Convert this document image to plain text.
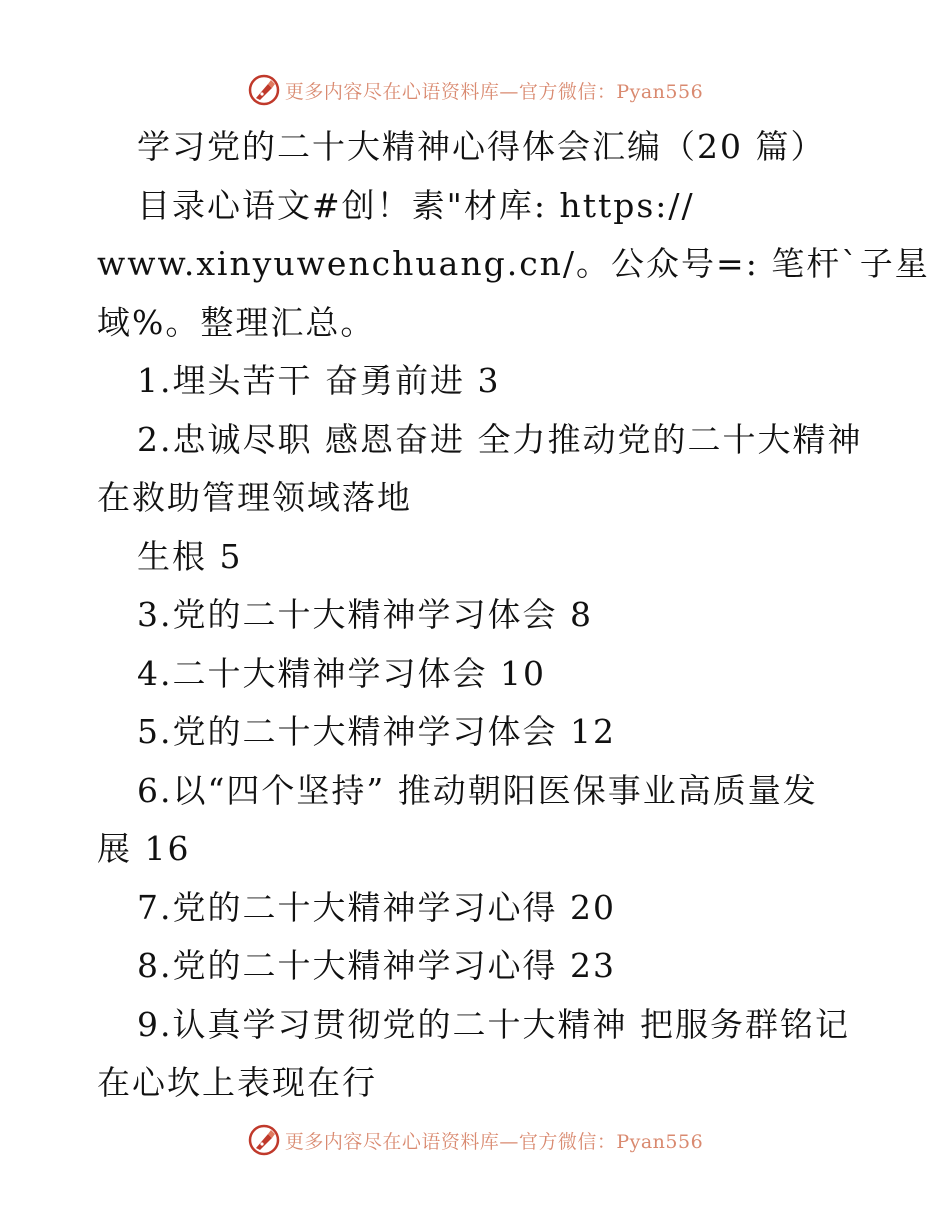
更多内容尽在心语资料库—官方微信：Pyan556
学习党的二十大精神心得体会汇编（20 篇）
目录心语文#创！素"材库: https://
www.xinyuwenchuang.cn/。公众号=: 笔杆`子星
域%。整理汇总。
1.埋头苦干 奋勇前进 3
2.忠诚尽职 感恩奋进 全力推动党的二十大精神
在救助管理领域落地
生根 5
3.党的二十大精神学习体会 8
4.二十大精神学习体会 10
5.党的二十大精神学习体会 12
6.以“四个坚持” 推动朝阳医保事业高质量发
展 16
7.党的二十大精神学习心得 20
8.党的二十大精神学习心得 23
9.认真学习贯彻党的二十大精神 把服务群铭记
在心坎上表现在行
更多内容尽在心语资料库—官方微信：Pyan556
